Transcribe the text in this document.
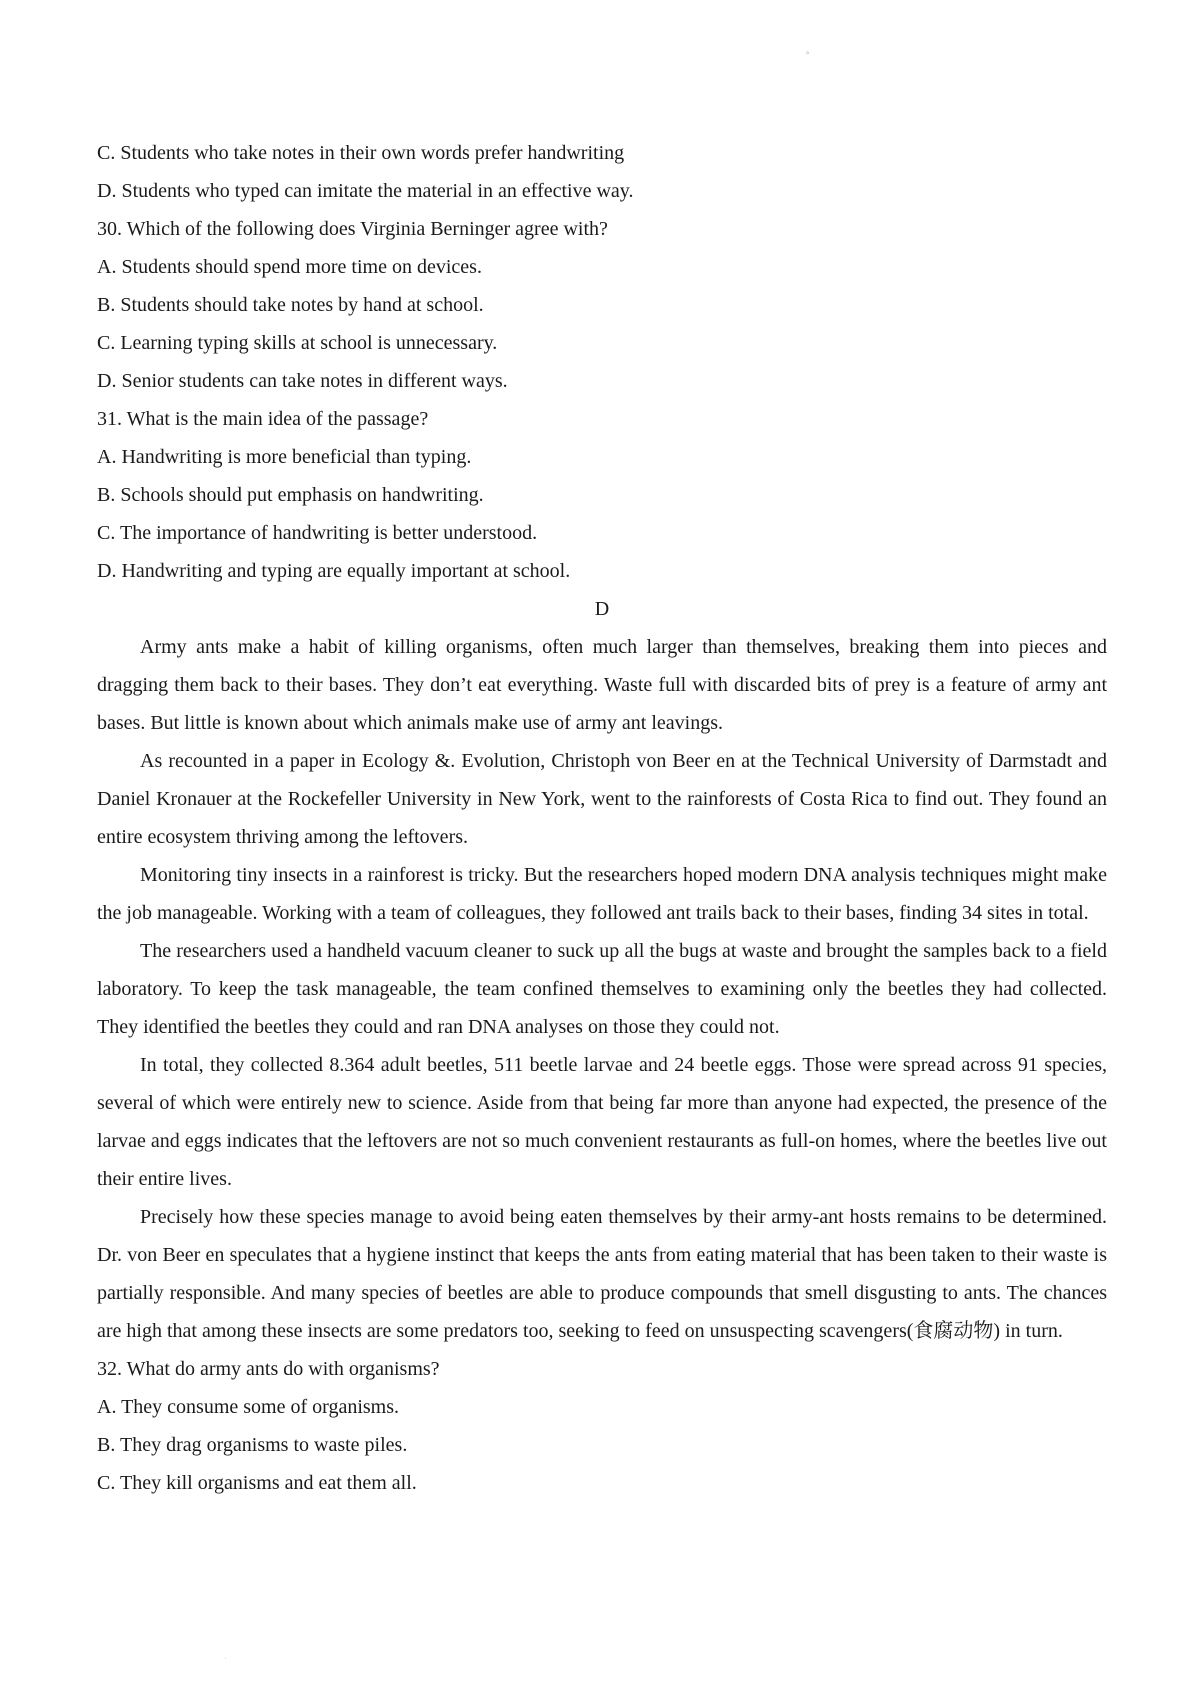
°
C. Students who take notes in their own words prefer handwriting
D. Students who typed can imitate the material in an effective way.
30. Which of the following does Virginia Berninger agree with?
A. Students should spend more time on devices.
B. Students should take notes by hand at school.
C. Learning typing skills at school is unnecessary.
D. Senior students can take notes in different ways.
31. What is the main idea of the passage?
A. Handwriting is more beneficial than typing.
B. Schools should put emphasis on handwriting.
C. The importance of handwriting is better understood.
D. Handwriting and typing are equally important at school.
D

Army ants make a habit of killing organisms, often much larger than themselves, breaking them into pieces and dragging them back to their bases. They don’t eat everything. Waste full with discarded bits of prey is a feature of army ant bases. But little is known about which animals make use of army ant leavings.

As recounted in a paper in Ecology &. Evolution, Christoph von Beer en at the Technical University of Darmstadt and Daniel Kronauer at the Rockefeller University in New York, went to the rainforests of Costa Rica to find out. They found an entire ecosystem thriving among the leftovers.

Monitoring tiny insects in a rainforest is tricky. But the researchers hoped modern DNA analysis techniques might make the job manageable. Working with a team of colleagues, they followed ant trails back to their bases, finding 34 sites in total.

The researchers used a handheld vacuum cleaner to suck up all the bugs at waste and brought the samples back to a field laboratory. To keep the task manageable, the team confined themselves to examining only the beetles they had collected. They identified the beetles they could and ran DNA analyses on those they could not.

In total, they collected 8.364 adult beetles, 511 beetle larvae and 24 beetle eggs. Those were spread across 91 species, several of which were entirely new to science. Aside from that being far more than anyone had expected, the presence of the larvae and eggs indicates that the leftovers are not so much convenient restaurants as full-on homes, where the beetles live out their entire lives.

Precisely how these species manage to avoid being eaten themselves by their army-ant hosts remains to be determined. Dr. von Beer en speculates that a hygiene instinct that keeps the ants from eating material that has been taken to their waste is partially responsible. And many species of beetles are able to produce compounds that smell disgusting to ants. The chances are high that among these insects are some predators too, seeking to feed on unsuspecting scavengers(食腐动物) in turn.

32. What do army ants do with organisms?
A. They consume some of organisms.
B. They drag organisms to waste piles.
C. They kill organisms and eat them all.
˙
